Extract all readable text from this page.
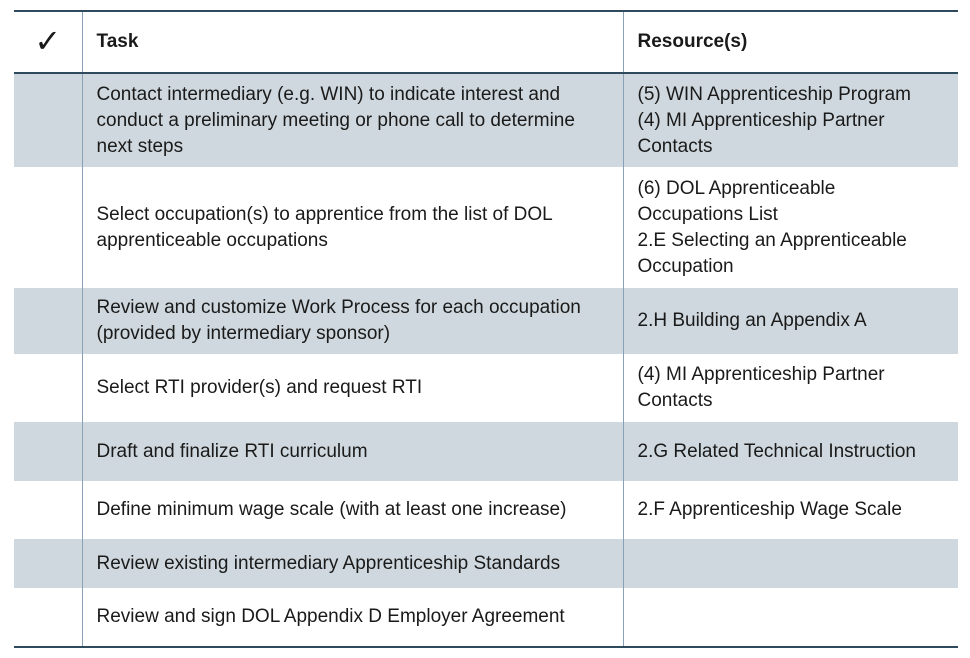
✓	Task	Resource(s)
	Contact intermediary (e.g. WIN) to indicate interest and conduct a preliminary meeting or phone call to determine next steps	(5) WIN Apprenticeship Program
(4) MI Apprenticeship Partner Contacts

	Select occupation(s) to apprentice from the list of DOL apprenticeable occupations	(6) DOL Apprenticeable Occupations List
2.E Selecting an Apprenticeable Occupation

	Review and customize Work Process for each occupation (provided by intermediary sponsor)	2.H Building an Appendix A

	Select RTI provider(s) and request RTI	(4) MI Apprenticeship Partner Contacts

	Draft and finalize RTI curriculum	2.G Related Technical Instruction

	Define minimum wage scale (with at least one increase)	2.F Apprenticeship Wage Scale

	Review existing intermediary Apprenticeship Standards	
	Review and sign DOL Appendix D Employer Agreement	
